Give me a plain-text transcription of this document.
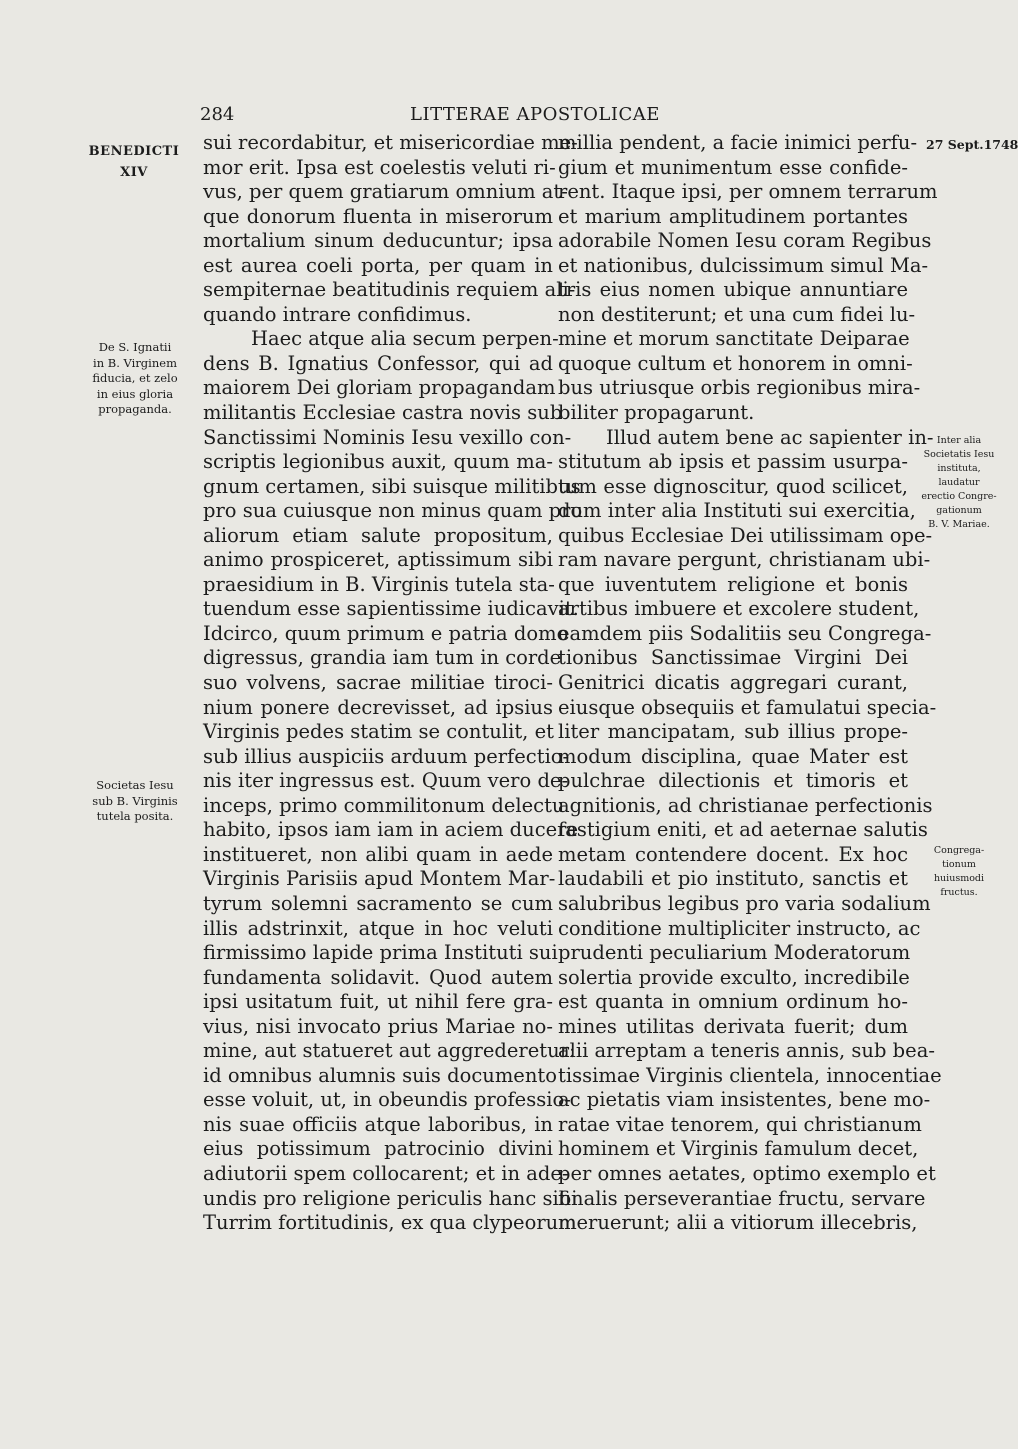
284	LITTERAE APOSTOLICAE
BENEDICTI
XIV
27 Sept.1748
De S. Ignatii
in B. Virginem
fiducia, et zelo
in eius gloria
propaganda.
Societas Iesu
sub B. Virginis
tutela posita.
Inter alia
Societatis Iesu
instituta,
laudatur
erectio Congre-
gationum
B. V. Mariae.
Congrega-
tionum
huiusmodi
fructus.
sui recordabitur, et misericordiae me-
mor erit. Ipsa est coelestis veluti ri-
vus, per quem gratiarum omnium at-
que donorum fluenta in miserorum
mortalium sinum deducuntur; ipsa
est aurea coeli porta, per quam in
sempiternae beatitudinis requiem ali-
quando intrare confidimus.
Haec atque alia secum perpen-
dens B. Ignatius Confessor, qui ad
maiorem Dei gloriam propagandam
militantis Ecclesiae castra novis sub
Sanctissimi Nominis Iesu vexillo con-
scriptis legionibus auxit, quum ma-
gnum certamen, sibi suisque militibus
pro sua cuiusque non minus quam pro
aliorum etiam salute propositum,
animo prospiceret, aptissimum sibi
praesidium in B. Virginis tutela sta-
tuendum esse sapientissime iudicavit.
Idcirco, quum primum e patria domo
digressus, grandia iam tum in corde
suo volvens, sacrae militiae tiroci-
nium ponere decrevisset, ad ipsius
Virginis pedes statim se contulit, et
sub illius auspiciis arduum perfectio-
nis iter ingressus est. Quum vero de-
inceps, primo commilitonum delectu
habito, ipsos iam iam in aciem ducere
institueret, non alibi quam in aede
Virginis Parisiis apud Montem Mar-
tyrum solemni sacramento se cum
illis adstrinxit, atque in hoc veluti
firmissimo lapide prima Instituti sui
fundamenta solidavit. Quod autem
ipsi usitatum fuit, ut nihil fere gra-
vius, nisi invocato prius Mariae no-
mine, aut statueret aut aggrederetur:
id omnibus alumnis suis documento
esse voluit, ut, in obeundis professio-
nis suae officiis atque laboribus, in
eius potissimum patrocinio divini
adiutorii spem collocarent; et in ade-
undis pro religione periculis hanc sibi
Turrim fortitudinis, ex qua clypeorum
millia pendent, a facie inimici perfu-
gium et munimentum esse confide-
rent. Itaque ipsi, per omnem terrarum
et marium amplitudinem portantes
adorabile Nomen Iesu coram Regibus
et nationibus, dulcissimum simul Ma-
tris eius nomen ubique annuntiare
non destiterunt; et una cum fidei lu-
mine et morum sanctitate Deiparae
quoque cultum et honorem in omni-
bus utriusque orbis regionibus mira-
biliter propagarunt.
Illud autem bene ac sapienter in-
stitutum ab ipsis et passim usurpa-
tum esse dignoscitur, quod scilicet,
dum inter alia Instituti sui exercitia,
quibus Ecclesiae Dei utilissimam ope-
ram navare pergunt, christianam ubi-
que iuventutem religione et bonis
artibus imbuere et excolere student,
eamdem piis Sodalitiis seu Congrega-
tionibus Sanctissimae Virgini Dei
Genitrici dicatis aggregari curant,
eiusque obsequiis et famulatui specia-
liter mancipatam, sub illius prope-
modum disciplina, quae Mater est
pulchrae dilectionis et timoris et
agnitionis, ad christianae perfectionis
fastigium eniti, et ad aeternae salutis
metam contendere docent. Ex hoc
laudabili et pio instituto, sanctis et
salubribus legibus pro varia sodalium
conditione multipliciter instructo, ac
prudenti peculiarium Moderatorum
solertia provide exculto, incredibile
est quanta in omnium ordinum ho-
mines utilitas derivata fuerit; dum
alii arreptam a teneris annis, sub bea-
tissimae Virginis clientela, innocentiae
ac pietatis viam insistentes, bene mo-
ratae vitae tenorem, qui christianum
hominem et Virginis famulum decet,
per omnes aetates, optimo exemplo et
finalis perseverantiae fructu, servare
meruerunt; alii a vitiorum illecebris,
